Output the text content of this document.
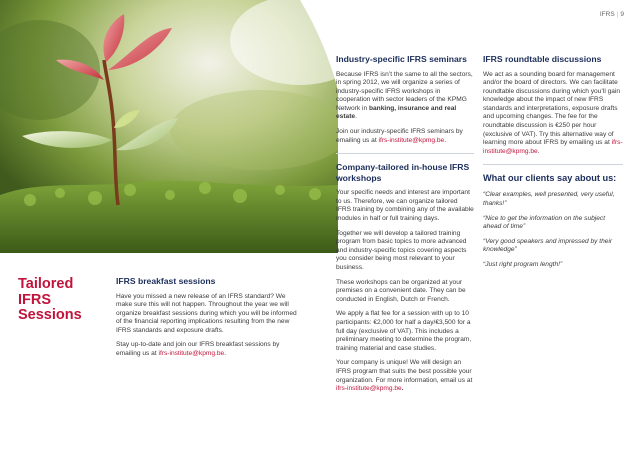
IFRS | 9
Tailored
IFRS
Sessions
IFRS breakfast sessions

Have you missed a new release of an IFRS standard? We make sure this will not happen. Throughout the year we will organize breakfast sessions during which you will be informed of the financial reporting implications resulting from the new IFRS standards and exposure drafts.

Stay up-to-date and join our IFRS breakfast sessions by emailing us at ifrs-institute@kpmg.be.

Industry-specific IFRS seminars

Because IFRS isn’t the same to all the sectors, in spring 2012, we will organize a series of industry-specific IFRS workshops in cooperation with sector leaders of the KPMG Network in banking, insurance and real estate.

Join our industry-specific IFRS seminars by emailing us at ifrs-institute@kpmg.be.

Company-tailored in-house IFRS workshops

Your specific needs and interest are important to us. Therefore, we can organize tailored IFRS training by combining any of the available modules in half or full training days.

Together we will develop a tailored training program from basic topics to more advanced and industry-specific topics covering aspects you consider being most relevant to your business.

These workshops can be organized at your premises on a convenient date. They can be conducted in English, Dutch or French.

We apply a flat fee for a session with up to 10 participants: €2,000 for half a day/€3,500 for a full day (exclusive of VAT). This includes a preliminary meeting to determine the program, training material and case studies.

Your company is unique! We will design an IFRS program that suits the best possible your organization. For more information, email us at ifrs-institute@kpmg.be.

IFRS roundtable discussions

We act as a sounding board for management and/or the board of directors. We can facilitate roundtable discussions during which you’ll gain knowledge about the impact of new IFRS standards and interpretations, exposure drafts and upcoming changes. The fee for the roundtable discussion is €250 per hour (exclusive of VAT). Try this alternative way of learning more about IFRS by emailing us at ifrs-institute@kpmg.be.

What our clients say about us:

“Clear examples, well presented, very useful, thanks!”

“Nice to get the information on the subject ahead of time”

“Very good speakers and impressed by their knowledge”

“Just right program length!”
